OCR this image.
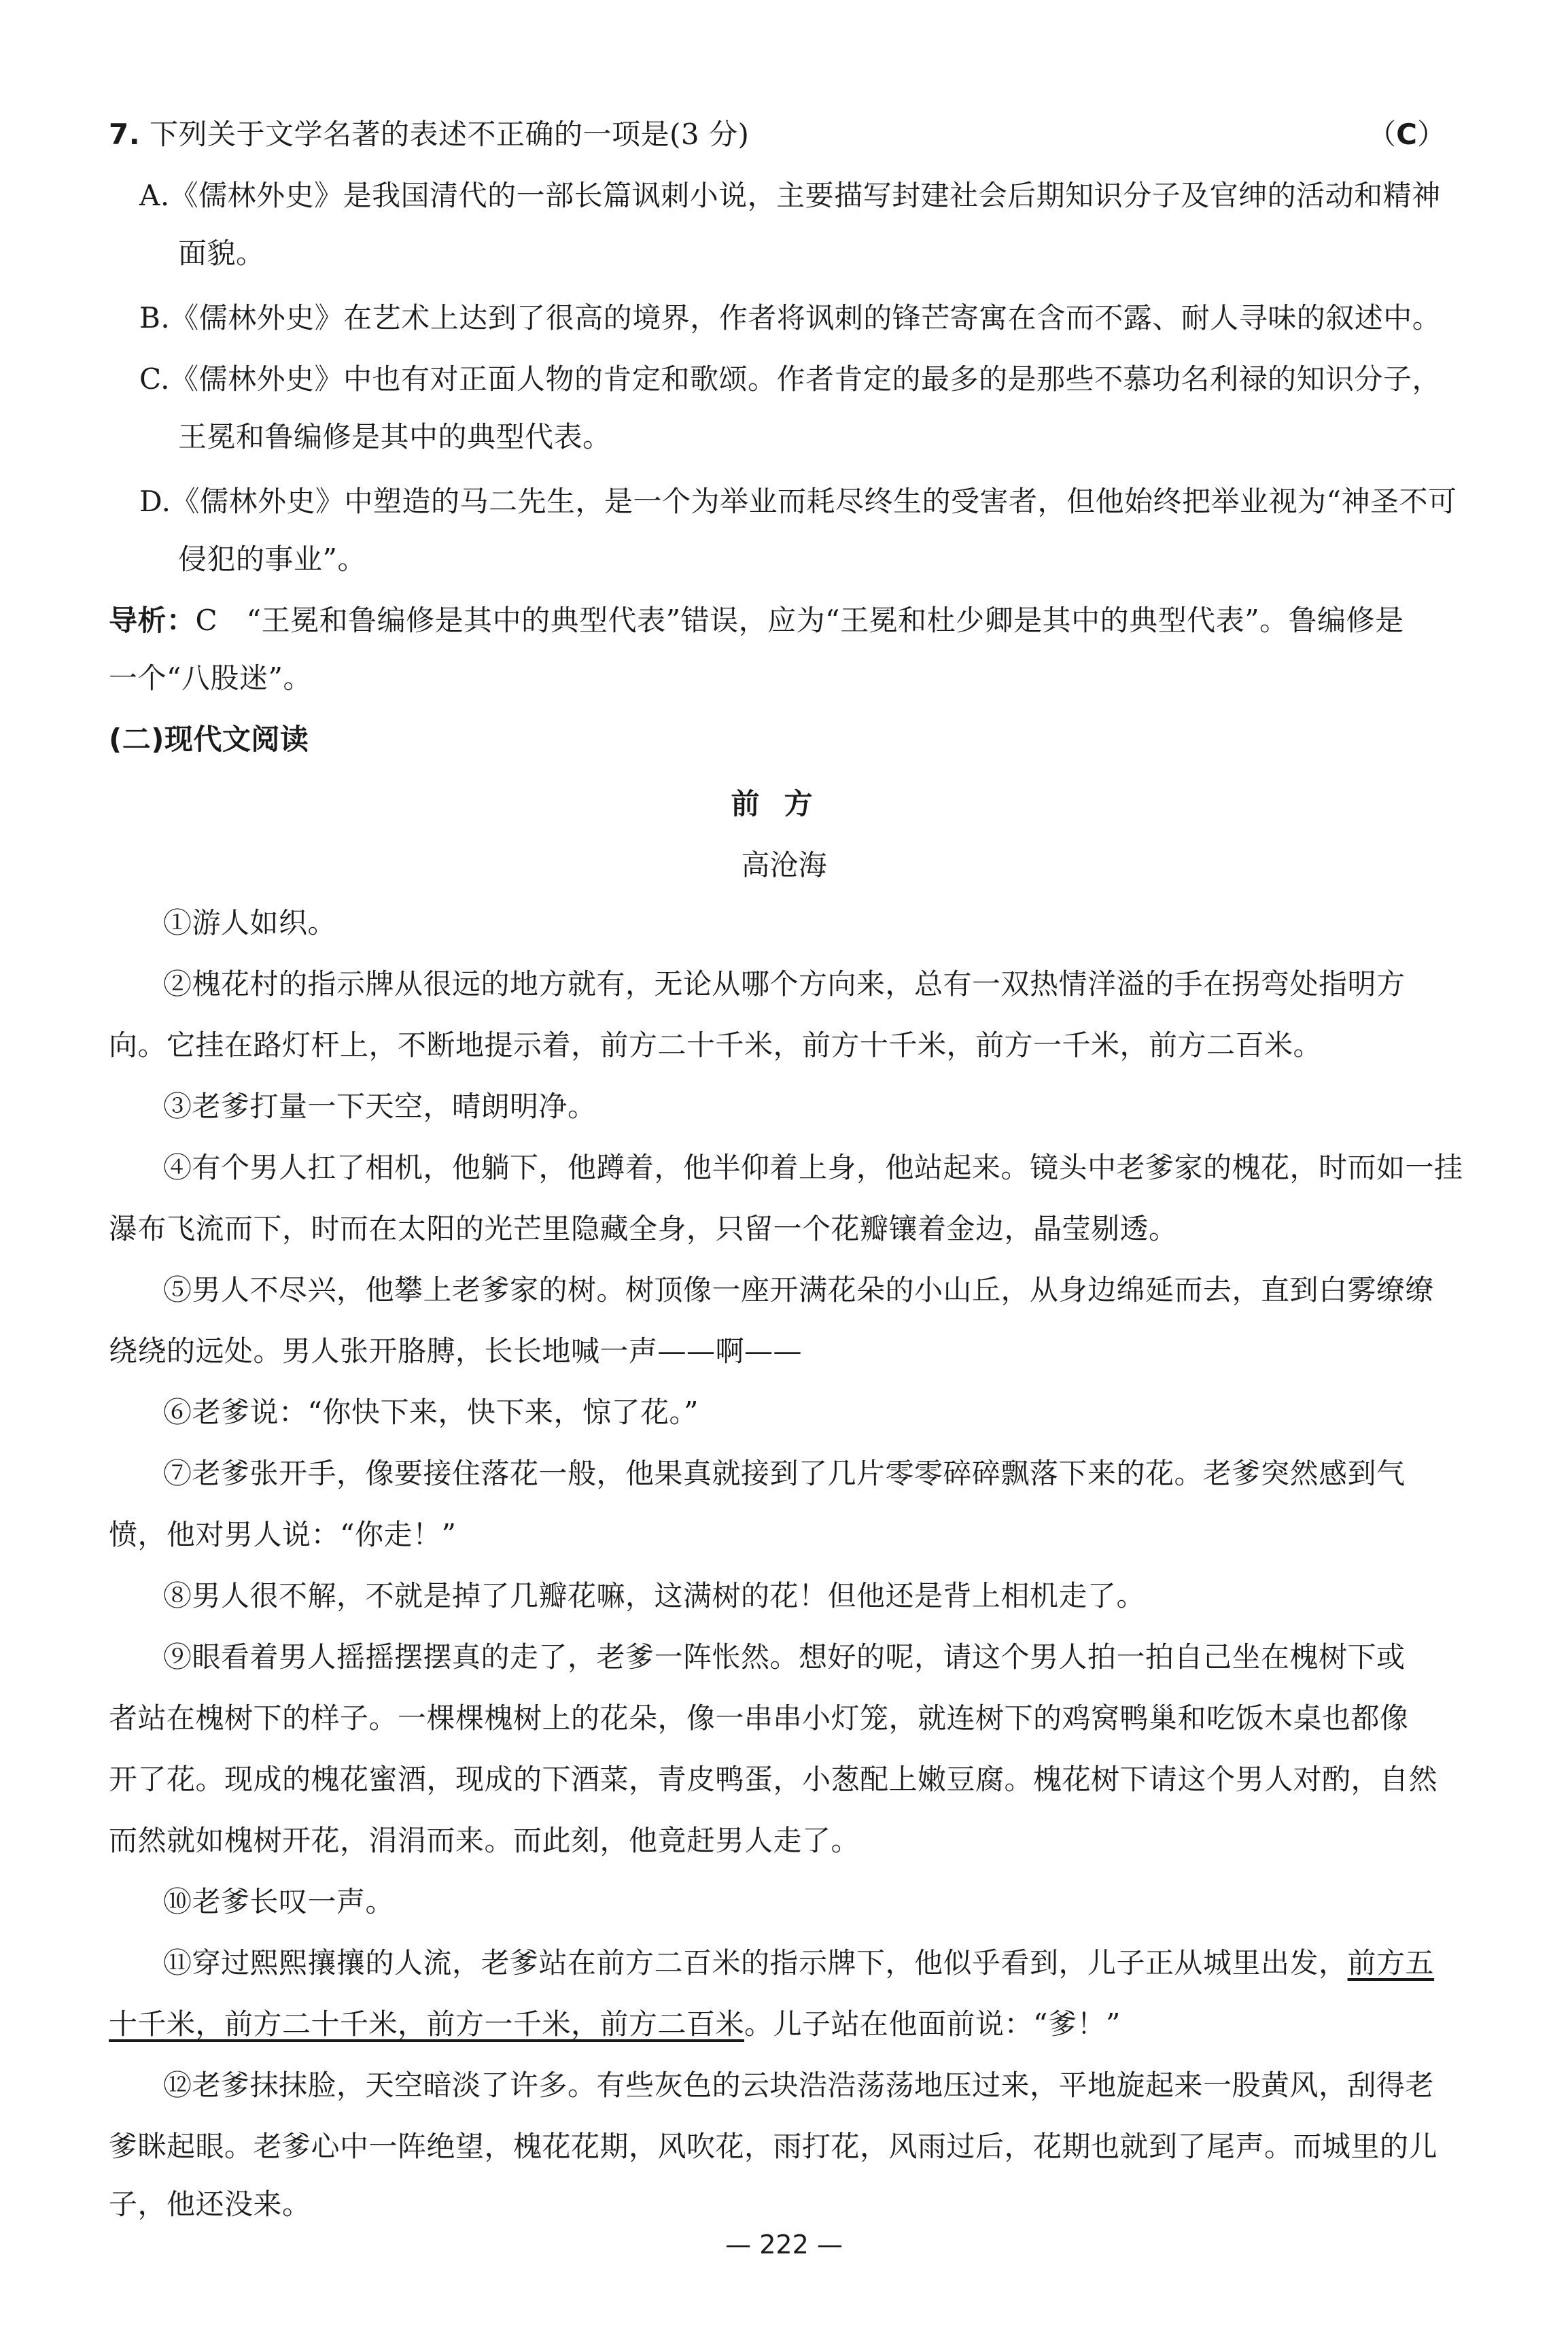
7. 下列关于文学名著的表述不正确的一项是(3 分)	（C）
A.《儒林外史》是我国清代的一部长篇讽刺小说，主要描写封建社会后期知识分子及官绅的活动和精神
面貌。
B.《儒林外史》在艺术上达到了很高的境界，作者将讽刺的锋芒寄寓在含而不露、耐人寻味的叙述中。
C.《儒林外史》中也有对正面人物的肯定和歌颂。作者肯定的最多的是那些不慕功名利禄的知识分子，
王冕和鲁编修是其中的典型代表。
D.《儒林外史》中塑造的马二先生，是一个为举业而耗尽终生的受害者，但他始终把举业视为“神圣不可
侵犯的事业”。
导析：C　“王冕和鲁编修是其中的典型代表”错误，应为“王冕和杜少卿是其中的典型代表”。鲁编修是
一个“八股迷”。
(二)现代文阅读
前方
高沧海
①游人如织。
②槐花村的指示牌从很远的地方就有，无论从哪个方向来，总有一双热情洋溢的手在拐弯处指明方
向。它挂在路灯杆上，不断地提示着，前方二十千米，前方十千米，前方一千米，前方二百米。
③老爹打量一下天空，晴朗明净。
④有个男人扛了相机，他躺下，他蹲着，他半仰着上身，他站起来。镜头中老爹家的槐花，时而如一挂
瀑布飞流而下，时而在太阳的光芒里隐藏全身，只留一个花瓣镶着金边，晶莹剔透。
⑤男人不尽兴，他攀上老爹家的树。树顶像一座开满花朵的小山丘，从身边绵延而去，直到白雾缭缭
绕绕的远处。男人张开胳膊，长长地喊一声——啊——
⑥老爹说：“你快下来，快下来，惊了花。”
⑦老爹张开手，像要接住落花一般，他果真就接到了几片零零碎碎飘落下来的花。老爹突然感到气
愤，他对男人说：“你走！”
⑧男人很不解，不就是掉了几瓣花嘛，这满树的花！但他还是背上相机走了。
⑨眼看着男人摇摇摆摆真的走了，老爹一阵怅然。想好的呢，请这个男人拍一拍自己坐在槐树下或
者站在槐树下的样子。一棵棵槐树上的花朵，像一串串小灯笼，就连树下的鸡窝鸭巢和吃饭木桌也都像
开了花。现成的槐花蜜酒，现成的下酒菜，青皮鸭蛋，小葱配上嫩豆腐。槐花树下请这个男人对酌，自然
而然就如槐树开花，涓涓而来。而此刻，他竟赶男人走了。
⑩老爹长叹一声。
⑪穿过熙熙攘攘的人流，老爹站在前方二百米的指示牌下，他似乎看到，儿子正从城里出发，前方五
十千米，前方二十千米，前方一千米，前方二百米。儿子站在他面前说：“爹！”
⑫老爹抹抹脸，天空暗淡了许多。有些灰色的云块浩浩荡荡地压过来，平地旋起来一股黄风，刮得老
爹眯起眼。老爹心中一阵绝望，槐花花期，风吹花，雨打花，风雨过后，花期也就到了尾声。而城里的儿
子，他还没来。
— 222 —
